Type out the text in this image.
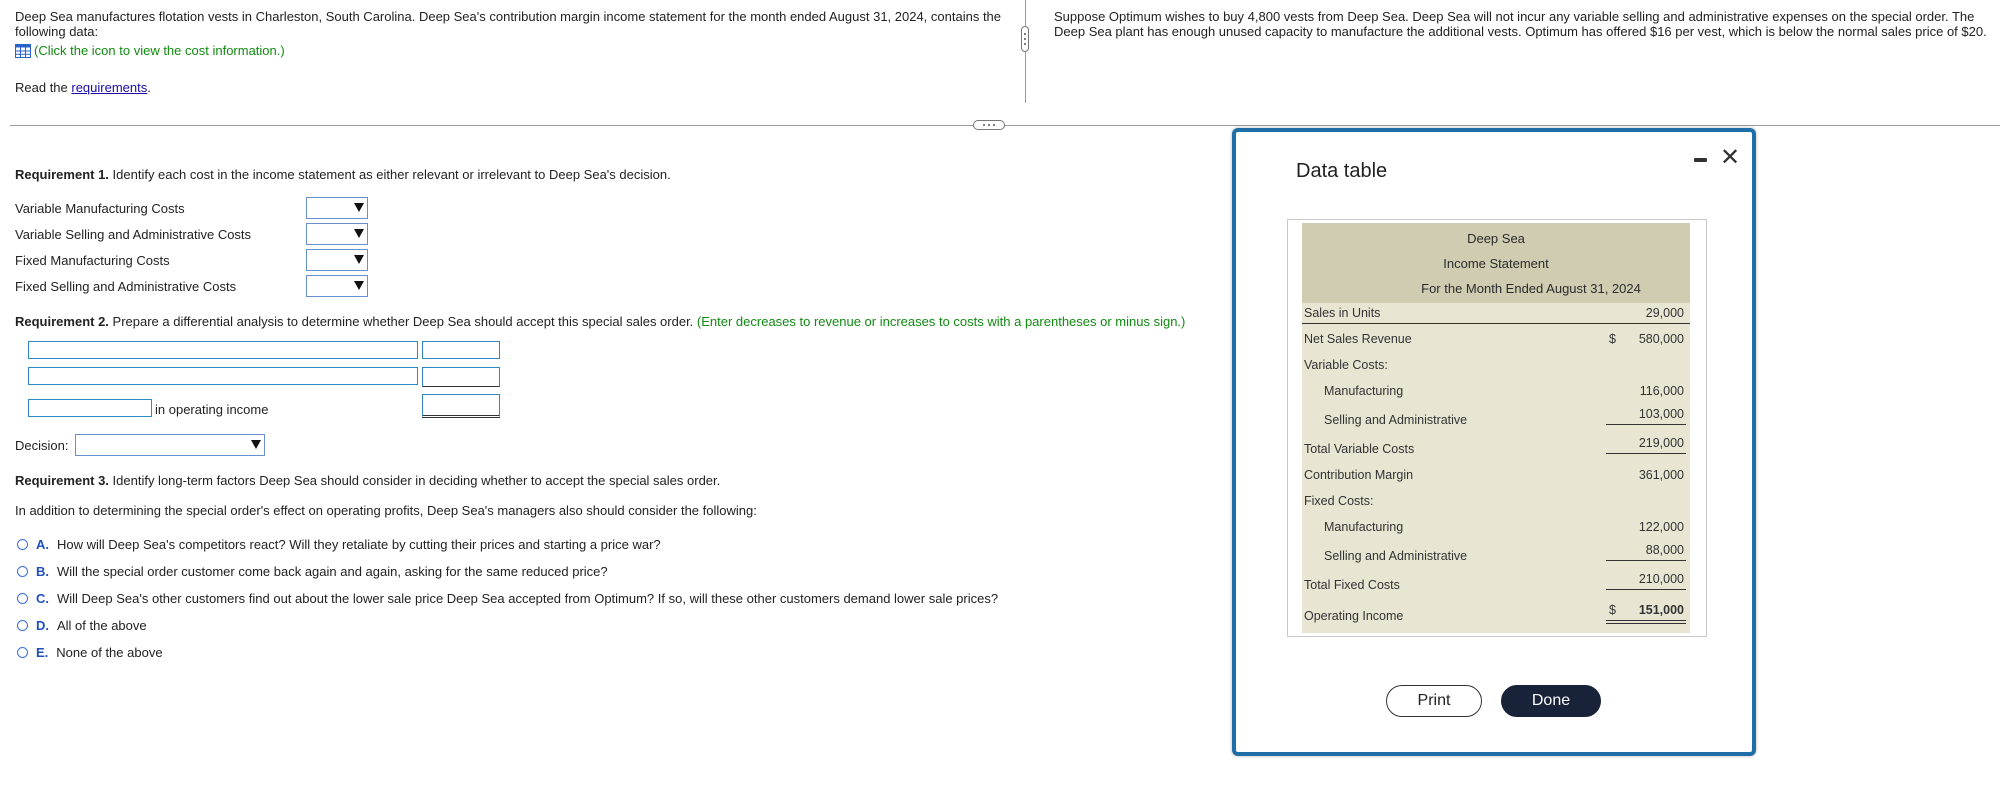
Deep Sea manufactures flotation vests in Charleston, South Carolina. Deep Sea's contribution margin income statement for the month ended August 31, 2024, contains the following data:
(Click the icon to view the cost information.)
Read the requirements.
Suppose Optimum wishes to buy 4,800 vests from Deep Sea. Deep Sea will not incur any variable selling and administrative expenses on the special order. The Deep Sea plant has enough unused capacity to manufacture the additional vests. Optimum has offered $16 per vest, which is below the normal sales price of $20.
Requirement 1. Identify each cost in the income statement as either relevant or irrelevant to Deep Sea's decision.
Variable Manufacturing Costs
Variable Selling and Administrative Costs
Fixed Manufacturing Costs
Fixed Selling and Administrative Costs
Requirement 2. Prepare a differential analysis to determine whether Deep Sea should accept this special sales order. (Enter decreases to revenue or increases to costs with a parentheses or minus sign.)
in operating income
Decision:
Requirement 3. Identify long-term factors Deep Sea should consider in deciding whether to accept the special sales order.
In addition to determining the special order's effect on operating profits, Deep Sea's managers also should consider the following:
A. How will Deep Sea's competitors react? Will they retaliate by cutting their prices and starting a price war?
B. Will the special order customer come back again and again, asking for the same reduced price?
C. Will Deep Sea's other customers find out about the lower sale price Deep Sea accepted from Optimum? If so, will these other customers demand lower sale prices?
D. All of the above
E. None of the above
Data table	✕
Deep Sea
Income Statement
For the Month Ended August 31, 2024
Sales in Units	29,000
Net Sales Revenue	$	580,000
Variable Costs:
Manufacturing	116,000
Selling and Administrative	103,000
Total Variable Costs	219,000
Contribution Margin	361,000
Fixed Costs:
Manufacturing	122,000
Selling and Administrative	88,000
Total Fixed Costs	210,000
Operating Income	$	151,000
Print	Done
